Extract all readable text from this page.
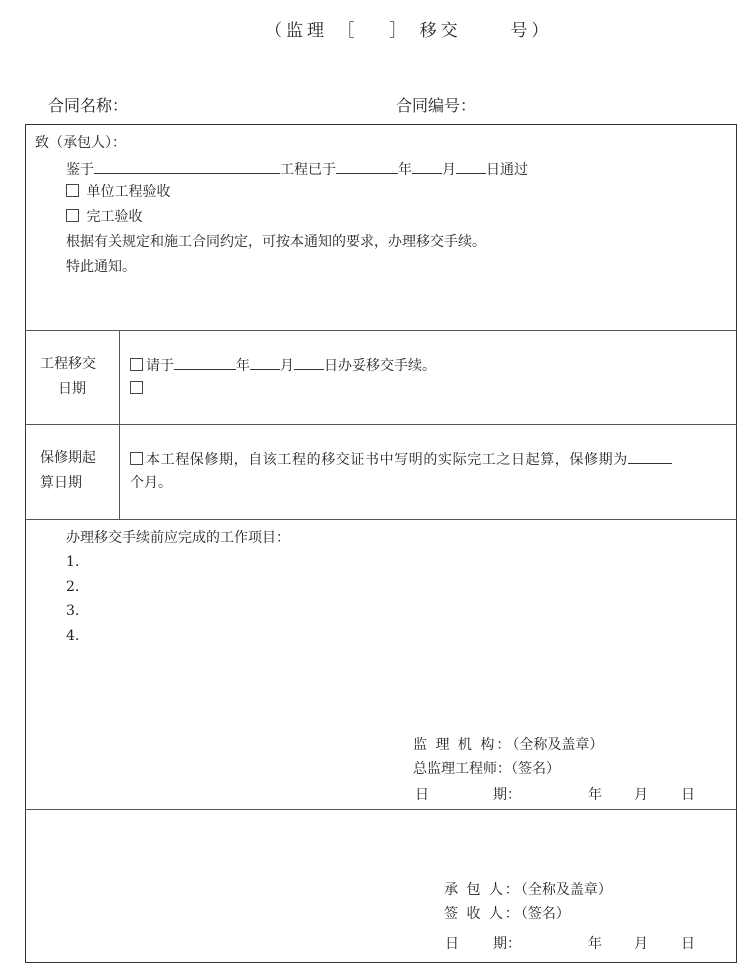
（监理 ［ ］ 移交	号）
合同名称：	合同编号：
致（承包人）：
鉴于	工程已于	年 月 日通过
单位工程验收
完工验收
根据有关规定和施工合同约定，可按本通知的要求，办理移交手续。
特此通知。
工程移交
日期
请于	年 月 日办妥移交手续。
保修期起
算日期
本工程保修期，自该工程的移交证书中写明的实际完工之日起算，保修期为
个月。
办理移交手续前应完成的工作项目：
1.
2.
3.
4.
监 理 机 构：（全称及盖章）
总监理工程师：（签名）
日	期：	年 月 日
承 包 人：（全称及盖章）
签 收 人：（签名）
日 期：	年 月 日
